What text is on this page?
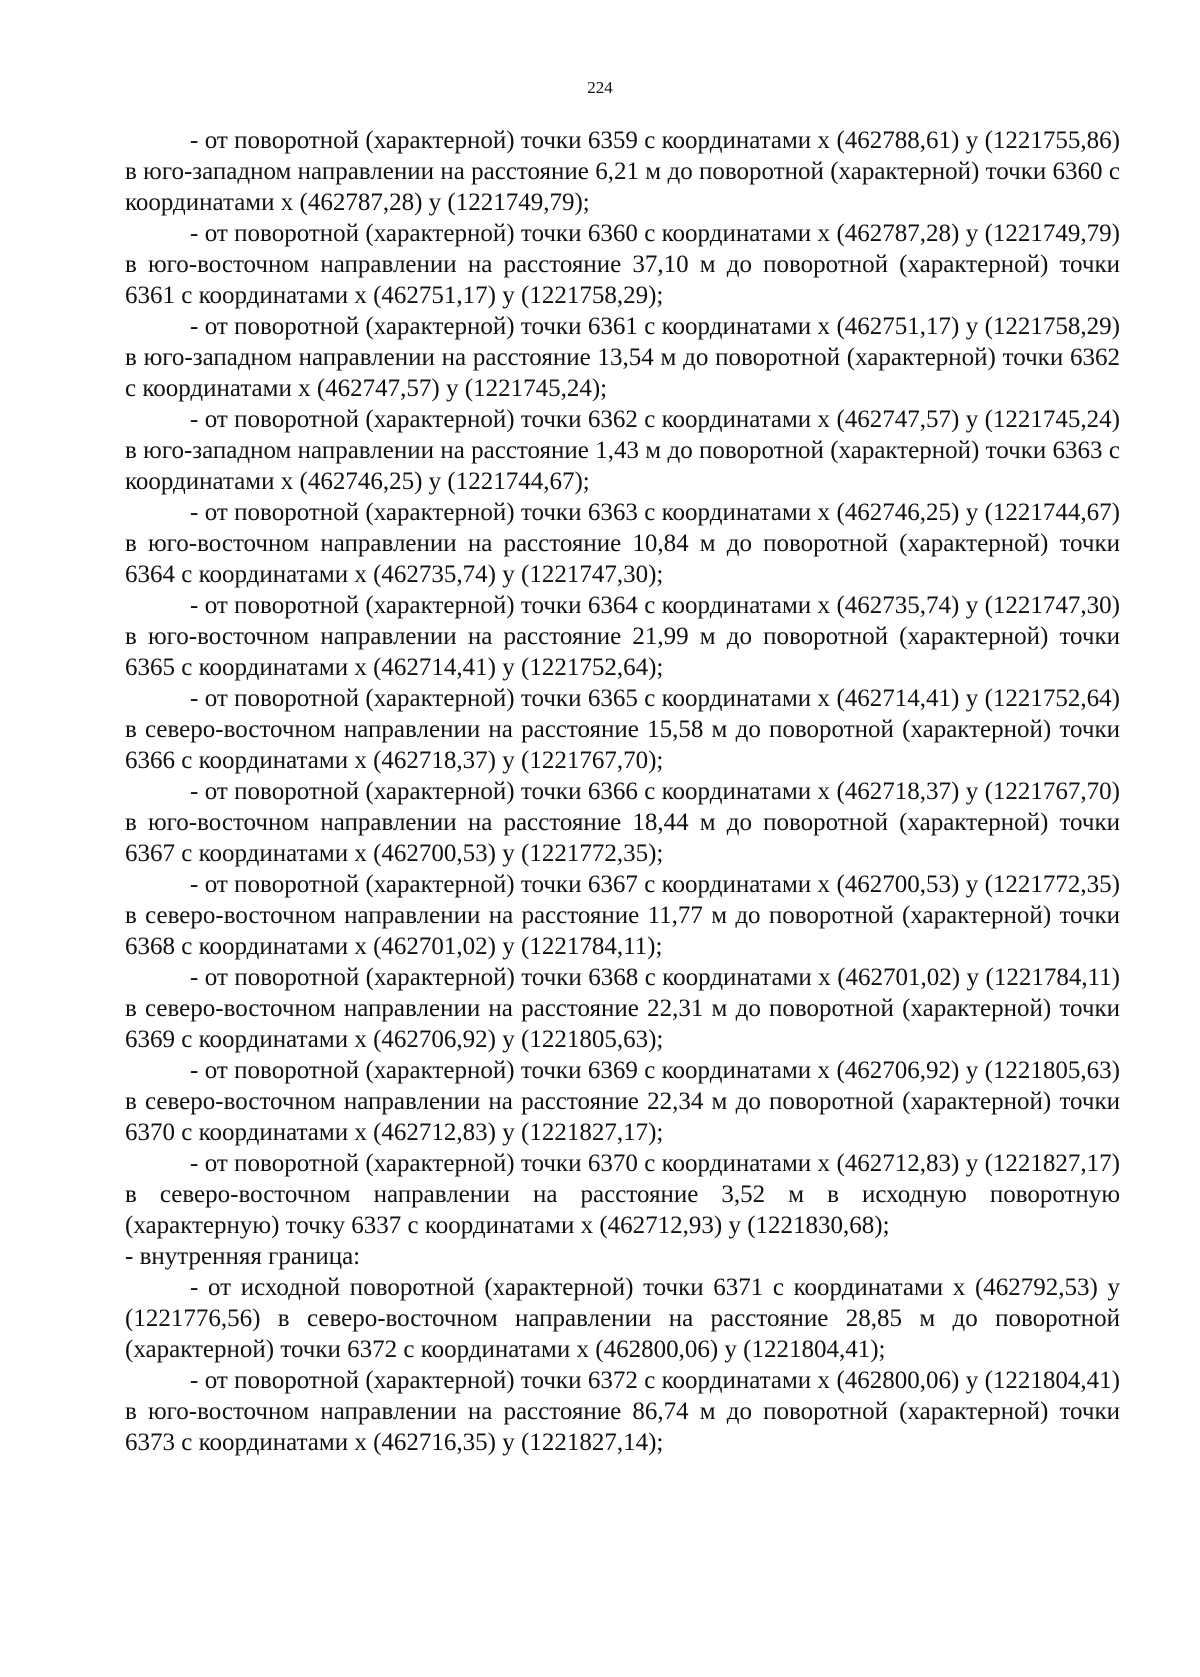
224

- от поворотной (характерной) точки 6359 с координатами x (462788,61) y (1221755,86) в юго-западном направлении на расстояние 6,21 м до поворотной (характерной) точки 6360 с координатами x (462787,28) y (1221749,79);

- от поворотной (характерной) точки 6360 с координатами x (462787,28) y (1221749,79) в юго-восточном направлении на расстояние 37,10 м до поворотной (характерной) точки 6361 с координатами x (462751,17) y (1221758,29);

- от поворотной (характерной) точки 6361 с координатами x (462751,17) y (1221758,29) в юго-западном направлении на расстояние 13,54 м до поворотной (характерной) точки 6362 с координатами x (462747,57) y (1221745,24);

- от поворотной (характерной) точки 6362 с координатами x (462747,57) y (1221745,24) в юго-западном направлении на расстояние 1,43 м до поворотной (характерной) точки 6363 с координатами x (462746,25) y (1221744,67);

- от поворотной (характерной) точки 6363 с координатами x (462746,25) y (1221744,67) в юго-восточном направлении на расстояние 10,84 м до поворотной (характерной) точки 6364 с координатами x (462735,74) y (1221747,30);

- от поворотной (характерной) точки 6364 с координатами x (462735,74) y (1221747,30) в юго-восточном направлении на расстояние 21,99 м до поворотной (характерной) точки 6365 с координатами x (462714,41) y (1221752,64);

- от поворотной (характерной) точки 6365 с координатами x (462714,41) y (1221752,64) в северо-восточном направлении на расстояние 15,58 м до поворотной (характерной) точки 6366 с координатами x (462718,37) y (1221767,70);

- от поворотной (характерной) точки 6366 с координатами x (462718,37) y (1221767,70) в юго-восточном направлении на расстояние 18,44 м до поворотной (характерной) точки 6367 с координатами x (462700,53) y (1221772,35);

- от поворотной (характерной) точки 6367 с координатами x (462700,53) y (1221772,35) в северо-восточном направлении на расстояние 11,77 м до поворотной (характерной) точки 6368 с координатами x (462701,02) y (1221784,11);

- от поворотной (характерной) точки 6368 с координатами x (462701,02) y (1221784,11) в северо-восточном направлении на расстояние 22,31 м до поворотной (характерной) точки 6369 с координатами x (462706,92) y (1221805,63);

- от поворотной (характерной) точки 6369 с координатами x (462706,92) y (1221805,63) в северо-восточном направлении на расстояние 22,34 м до поворотной (характерной) точки 6370 с координатами x (462712,83) y (1221827,17);

- от поворотной (характерной) точки 6370 с координатами x (462712,83) y (1221827,17) в северо-восточном направлении на расстояние 3,52 м в исходную поворотную (характерную) точку 6337 с координатами x (462712,93) y (1221830,68);

- внутренняя граница:

- от исходной поворотной (характерной) точки 6371 с координатами x (462792,53) y (1221776,56) в северо-восточном направлении на расстояние 28,85 м до поворотной (характерной) точки 6372 с координатами x (462800,06) y (1221804,41);

- от поворотной (характерной) точки 6372 с координатами x (462800,06) y (1221804,41) в юго-восточном направлении на расстояние 86,74 м до поворотной (характерной) точки 6373 с координатами x (462716,35) y (1221827,14);
